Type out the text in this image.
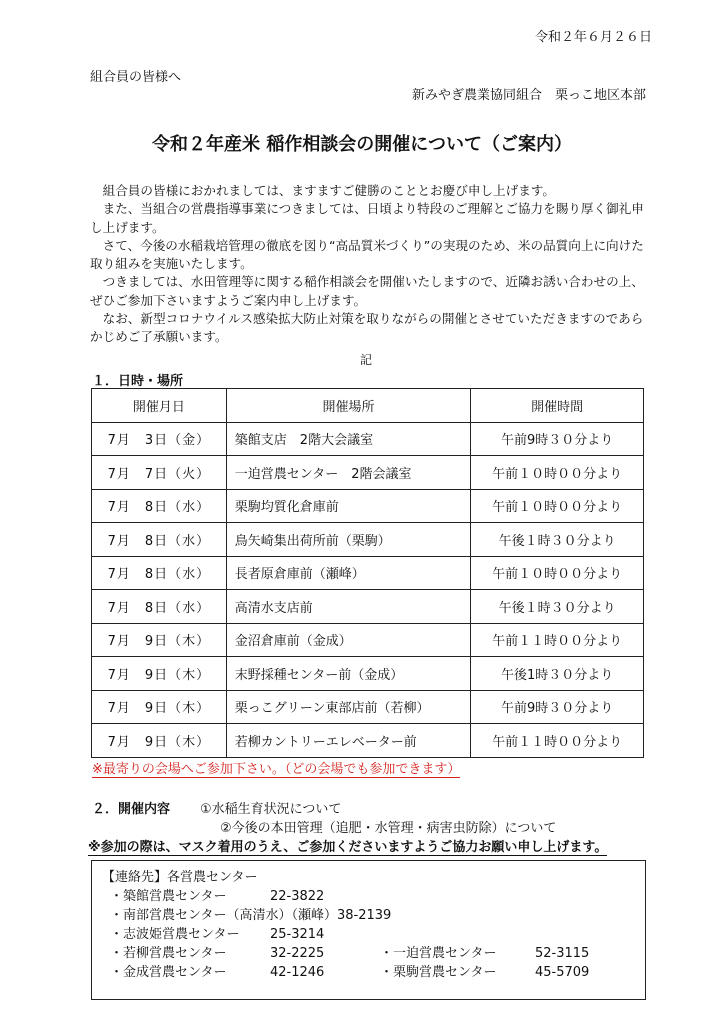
令和２年６月２６日
組合員の皆様へ
新みやぎ農業協同組合　栗っこ地区本部
令和２年産米 稲作相談会の開催について（ご案内）

　組合員の皆様におかれましては、ますますご健勝のこととお慶び申し上げます。

　また、当組合の営農指導事業につきましては、日頃より特段のご理解とご協力を賜り厚く御礼申し上げます。

　さて、今後の水稲栽培管理の徹底を図り“高品質米づくり”の実現のため、米の品質向上に向けた取り組みを実施いたします。

　つきましては、水田管理等に関する稲作相談会を開催いたしますので、近隣お誘い合わせの上、ぜひご参加下さいますようご案内申し上げます。

　なお、新型コロナウイルス感染拡大防止対策を取りながらの開催とさせていただきますのであらかじめご了承願います。

記
１．日時・場所
開催月日	開催場所	開催時間
7月　3日（金）	築館支店　2階大会議室	午前9時３０分より
7月　7日（火）	一迫営農センター　2階会議室	午前１０時００分より
7月　8日（水）	栗駒均質化倉庫前	午前１０時００分より
7月　8日（水）	鳥矢崎集出荷所前（栗駒）	午後１時３０分より
7月　8日（水）	長者原倉庫前（瀬峰）	午前１０時００分より
7月　8日（水）	高清水支店前	午後１時３０分より
7月　9日（木）	金沼倉庫前（金成）	午前１１時００分より
7月　9日（木）	末野採種センター前（金成）	午後1時３０分より
7月　9日（木）	栗っこグリーン東部店前（若柳）	午前9時３０分より
7月　9日（木）	若柳カントリーエレベーター前	午前１１時００分より
※最寄りの会場へご参加下さい。（どの会場でも参加できます）
２．開催内容 ①水稲生育状況について
②今後の本田管理（追肥・水管理・病害虫防除）について
※参加の際は、マスク着用のうえ、ご参加くださいますようご協力お願い申し上げます。
【連絡先】各営農センター
・築館営農センター	22-3822
・南部営農センター（高清水）（瀬峰）38-2139
・志波姫営農センター 25-3214
・若柳営農センター	32-2225
・金成営農センター	42-1246
・一迫営農センター	52-3115
・栗駒営農センター	45-5709
